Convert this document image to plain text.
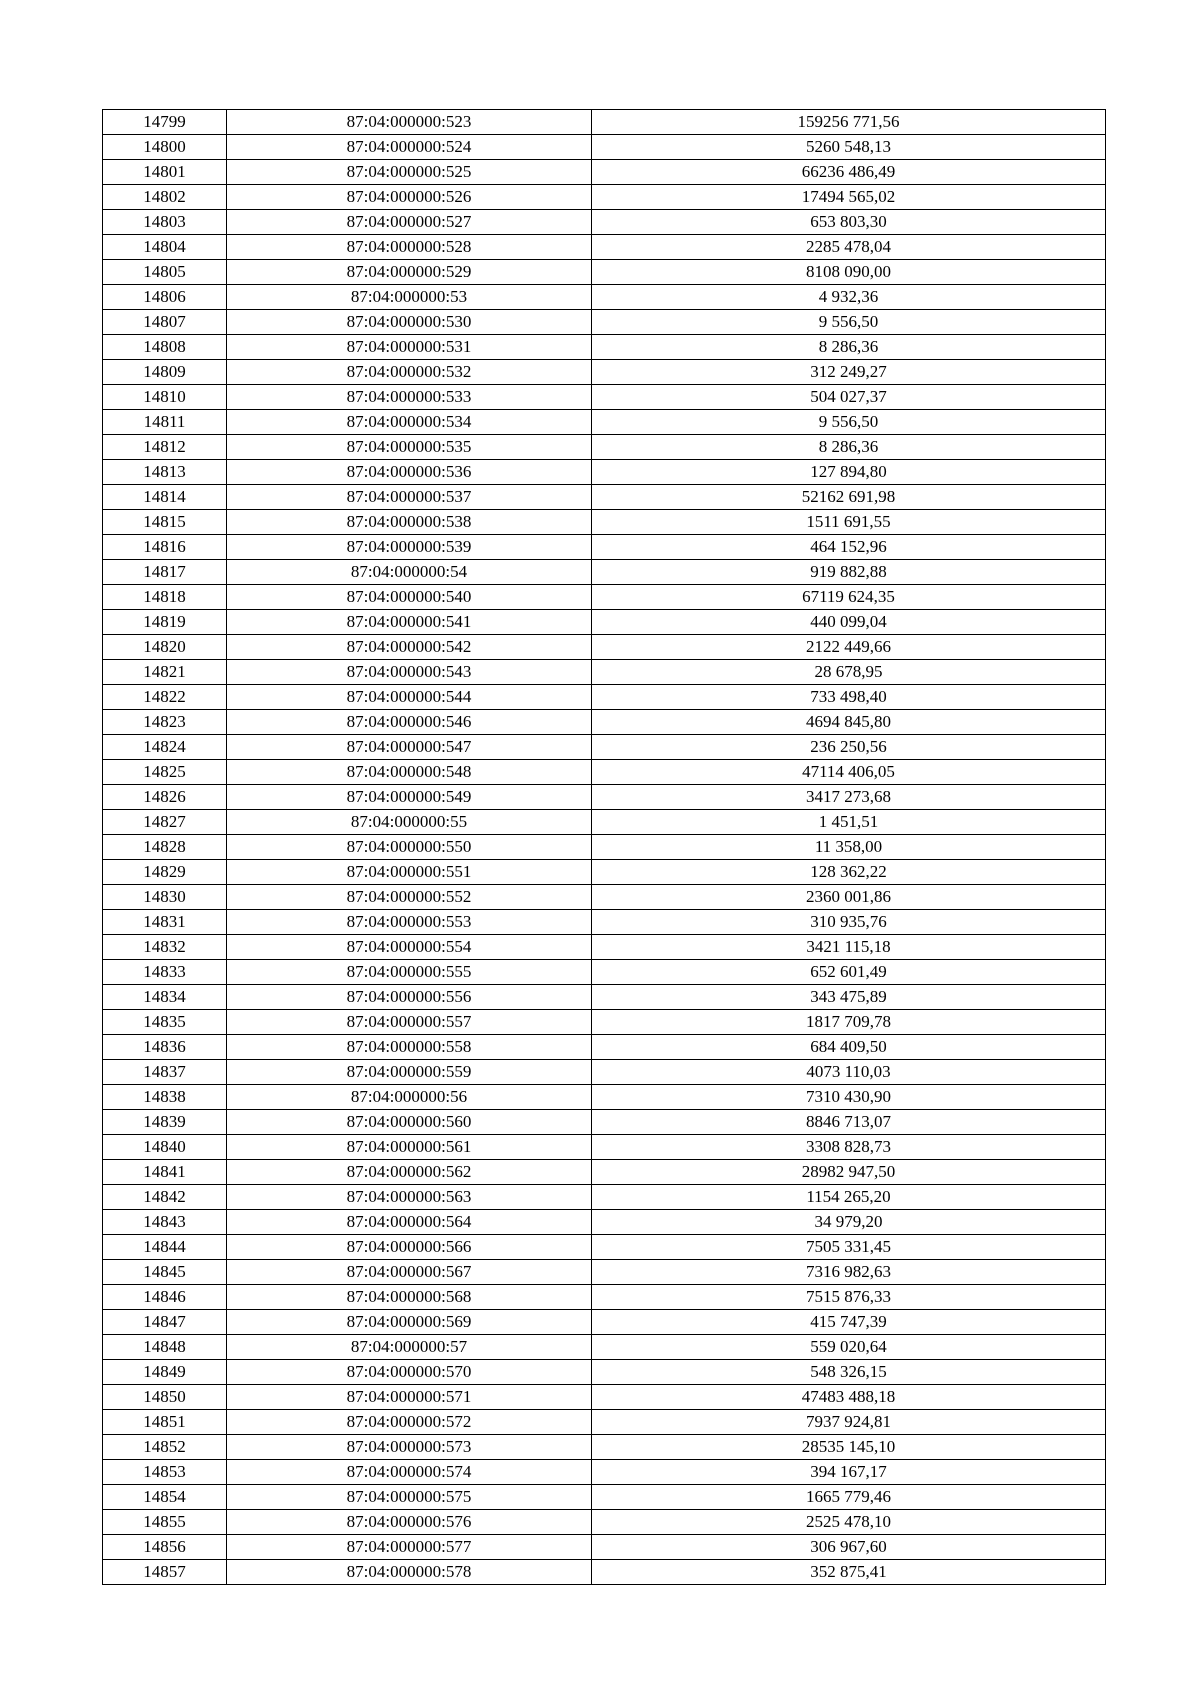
14799	87:04:000000:523	159256 771,56
14800	87:04:000000:524	5260 548,13
14801	87:04:000000:525	66236 486,49
14802	87:04:000000:526	17494 565,02
14803	87:04:000000:527	653 803,30
14804	87:04:000000:528	2285 478,04
14805	87:04:000000:529	8108 090,00
14806	87:04:000000:53	4 932,36
14807	87:04:000000:530	9 556,50
14808	87:04:000000:531	8 286,36
14809	87:04:000000:532	312 249,27
14810	87:04:000000:533	504 027,37
14811	87:04:000000:534	9 556,50
14812	87:04:000000:535	8 286,36
14813	87:04:000000:536	127 894,80
14814	87:04:000000:537	52162 691,98
14815	87:04:000000:538	1511 691,55
14816	87:04:000000:539	464 152,96
14817	87:04:000000:54	919 882,88
14818	87:04:000000:540	67119 624,35
14819	87:04:000000:541	440 099,04
14820	87:04:000000:542	2122 449,66
14821	87:04:000000:543	28 678,95
14822	87:04:000000:544	733 498,40
14823	87:04:000000:546	4694 845,80
14824	87:04:000000:547	236 250,56
14825	87:04:000000:548	47114 406,05
14826	87:04:000000:549	3417 273,68
14827	87:04:000000:55	1 451,51
14828	87:04:000000:550	11 358,00
14829	87:04:000000:551	128 362,22
14830	87:04:000000:552	2360 001,86
14831	87:04:000000:553	310 935,76
14832	87:04:000000:554	3421 115,18
14833	87:04:000000:555	652 601,49
14834	87:04:000000:556	343 475,89
14835	87:04:000000:557	1817 709,78
14836	87:04:000000:558	684 409,50
14837	87:04:000000:559	4073 110,03
14838	87:04:000000:56	7310 430,90
14839	87:04:000000:560	8846 713,07
14840	87:04:000000:561	3308 828,73
14841	87:04:000000:562	28982 947,50
14842	87:04:000000:563	1154 265,20
14843	87:04:000000:564	34 979,20
14844	87:04:000000:566	7505 331,45
14845	87:04:000000:567	7316 982,63
14846	87:04:000000:568	7515 876,33
14847	87:04:000000:569	415 747,39
14848	87:04:000000:57	559 020,64
14849	87:04:000000:570	548 326,15
14850	87:04:000000:571	47483 488,18
14851	87:04:000000:572	7937 924,81
14852	87:04:000000:573	28535 145,10
14853	87:04:000000:574	394 167,17
14854	87:04:000000:575	1665 779,46
14855	87:04:000000:576	2525 478,10
14856	87:04:000000:577	306 967,60
14857	87:04:000000:578	352 875,41
